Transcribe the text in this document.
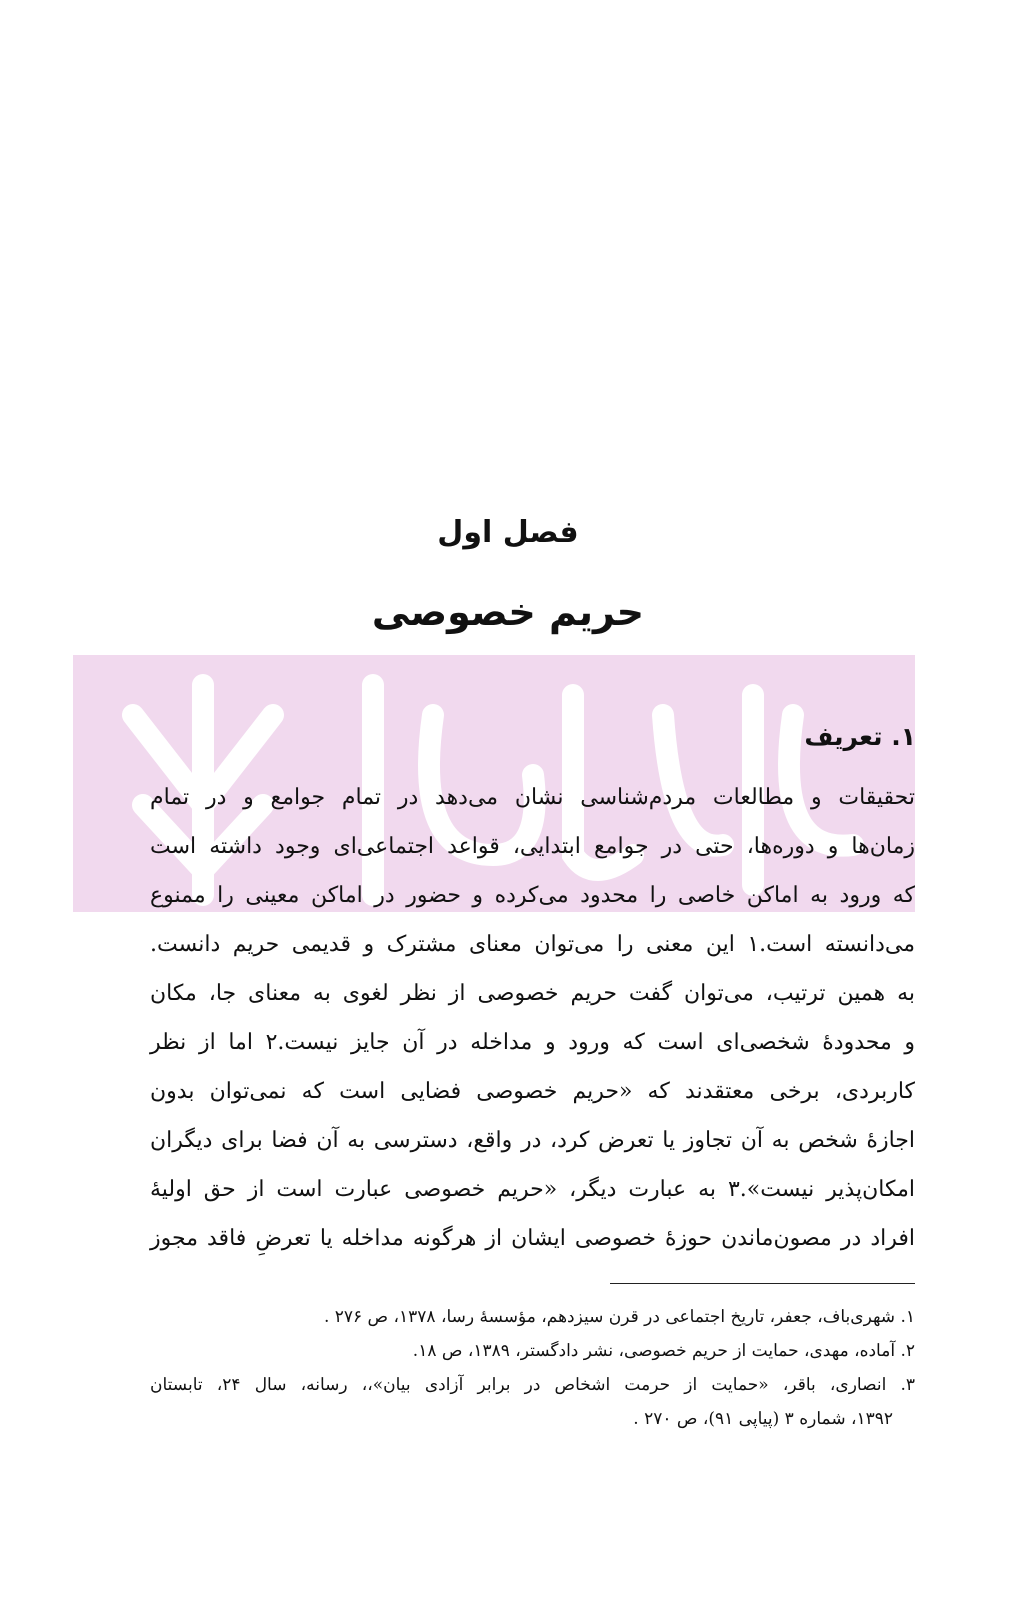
فصل اول
حریم خصوصی
۱. تعریف
تحقیقات و مطالعات مردم‌شناسی نشان می‌دهد در تمام جوامع و در تمام
زمان‌ها و دوره‌ها، حتی در جوامع ابتدایی، قواعد اجتماعی‌ای وجود داشته است
که ورود به اماکن خاصی را محدود می‌کرده و حضور در اماکن معینی را ممنوع
می‌دانسته است.۱ این معنی را می‌توان معنای مشترک و قدیمی حریم دانست.
به همین ترتیب، می‌توان گفت حریم خصوصی از نظر لغوی به معنای جا، مکان
و محدودهٔ شخصی‌ای است که ورود و مداخله در آن جایز نیست.۲ اما از نظر
کاربردی، برخی معتقدند که «حریم خصوصی فضایی است که نمی‌توان بدون
اجازهٔ شخص به آن تجاوز یا تعرض کرد، در واقع، دسترسی به آن فضا برای دیگران
امکان‌پذیر نیست».۳ به عبارت دیگر، «حریم خصوصی عبارت است از حق اولیهٔ
افراد در مصون‌ماندن حوزهٔ خصوصی ایشان از هرگونه مداخله یا تعرضِ فاقد مجوز
۱. شهری‌باف، جعفر، تاریخ اجتماعی در قرن سیزدهم، مؤسسهٔ رسا، ۱۳۷۸، ص ۲۷۶ .
۲. آماده، مهدی، حمایت از حریم خصوصی، نشر دادگستر، ۱۳۸۹، ص ۱۸.
۳. انصاری، باقر، «حمایت از حرمت اشخاص در برابر آزادی بیان»،، رسانه، سال ۲۴، تابستان
۱۳۹۲، شماره ۳ (پیاپی ۹۱)، ص ۲۷۰ .
